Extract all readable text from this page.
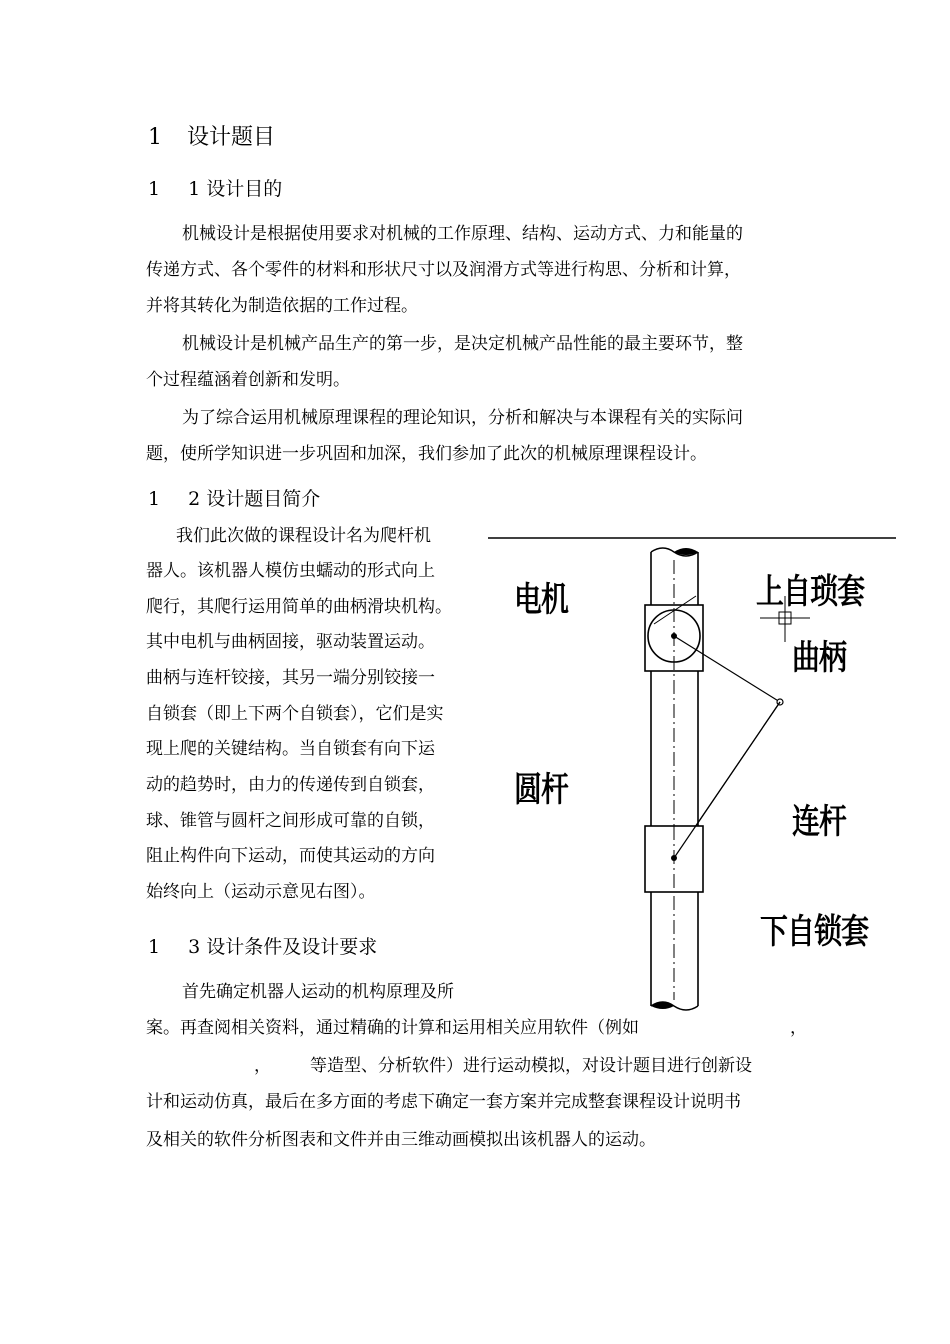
1 设计题目
1 1 设计目的
机械设计是根据使用要求对机械的工作原理、结构、运动方式、力和能量的
传递方式、各个零件的材料和形状尺寸以及润滑方式等进行构思、分析和计算，
并将其转化为制造依据的工作过程。
机械设计是机械产品生产的第一步，是决定机械产品性能的最主要环节，整
个过程蕴涵着创新和发明。
为了综合运用机械原理课程的理论知识，分析和解决与本课程有关的实际问
题，使所学知识进一步巩固和加深，我们参加了此次的机械原理课程设计。
1 2 设计题目简介
我们此次做的课程设计名为爬杆机
器人。该机器人模仿虫蠕动的形式向上
爬行，其爬行运用简单的曲柄滑块机构。
其中电机与曲柄固接，驱动装置运动。
曲柄与连杆铰接，其另一端分别铰接一
自锁套（即上下两个自锁套），它们是实
现上爬的关键结构。当自锁套有向下运
动的趋势时，由力的传递传到自锁套，
球、锥管与圆杆之间形成可靠的自锁，
阻止构件向下运动，而使其运动的方向
始终向上（运动示意见右图）。
1 3 设计条件及设计要求
首先确定机器人运动的机构原理及所
案。再查阅相关资料，通过精确的计算和运用相关应用软件（例如	，
， 等造型、分析软件）进行运动模拟，对设计题目进行创新设
计和运动仿真，最后在多方面的考虑下确定一套方案并完成整套课程设计说明书
及相关的软件分析图表和文件并由三维动画模拟出该机器人的运动。
电机	上自琐套
曲柄
圆杆
连杆
下自锁套
